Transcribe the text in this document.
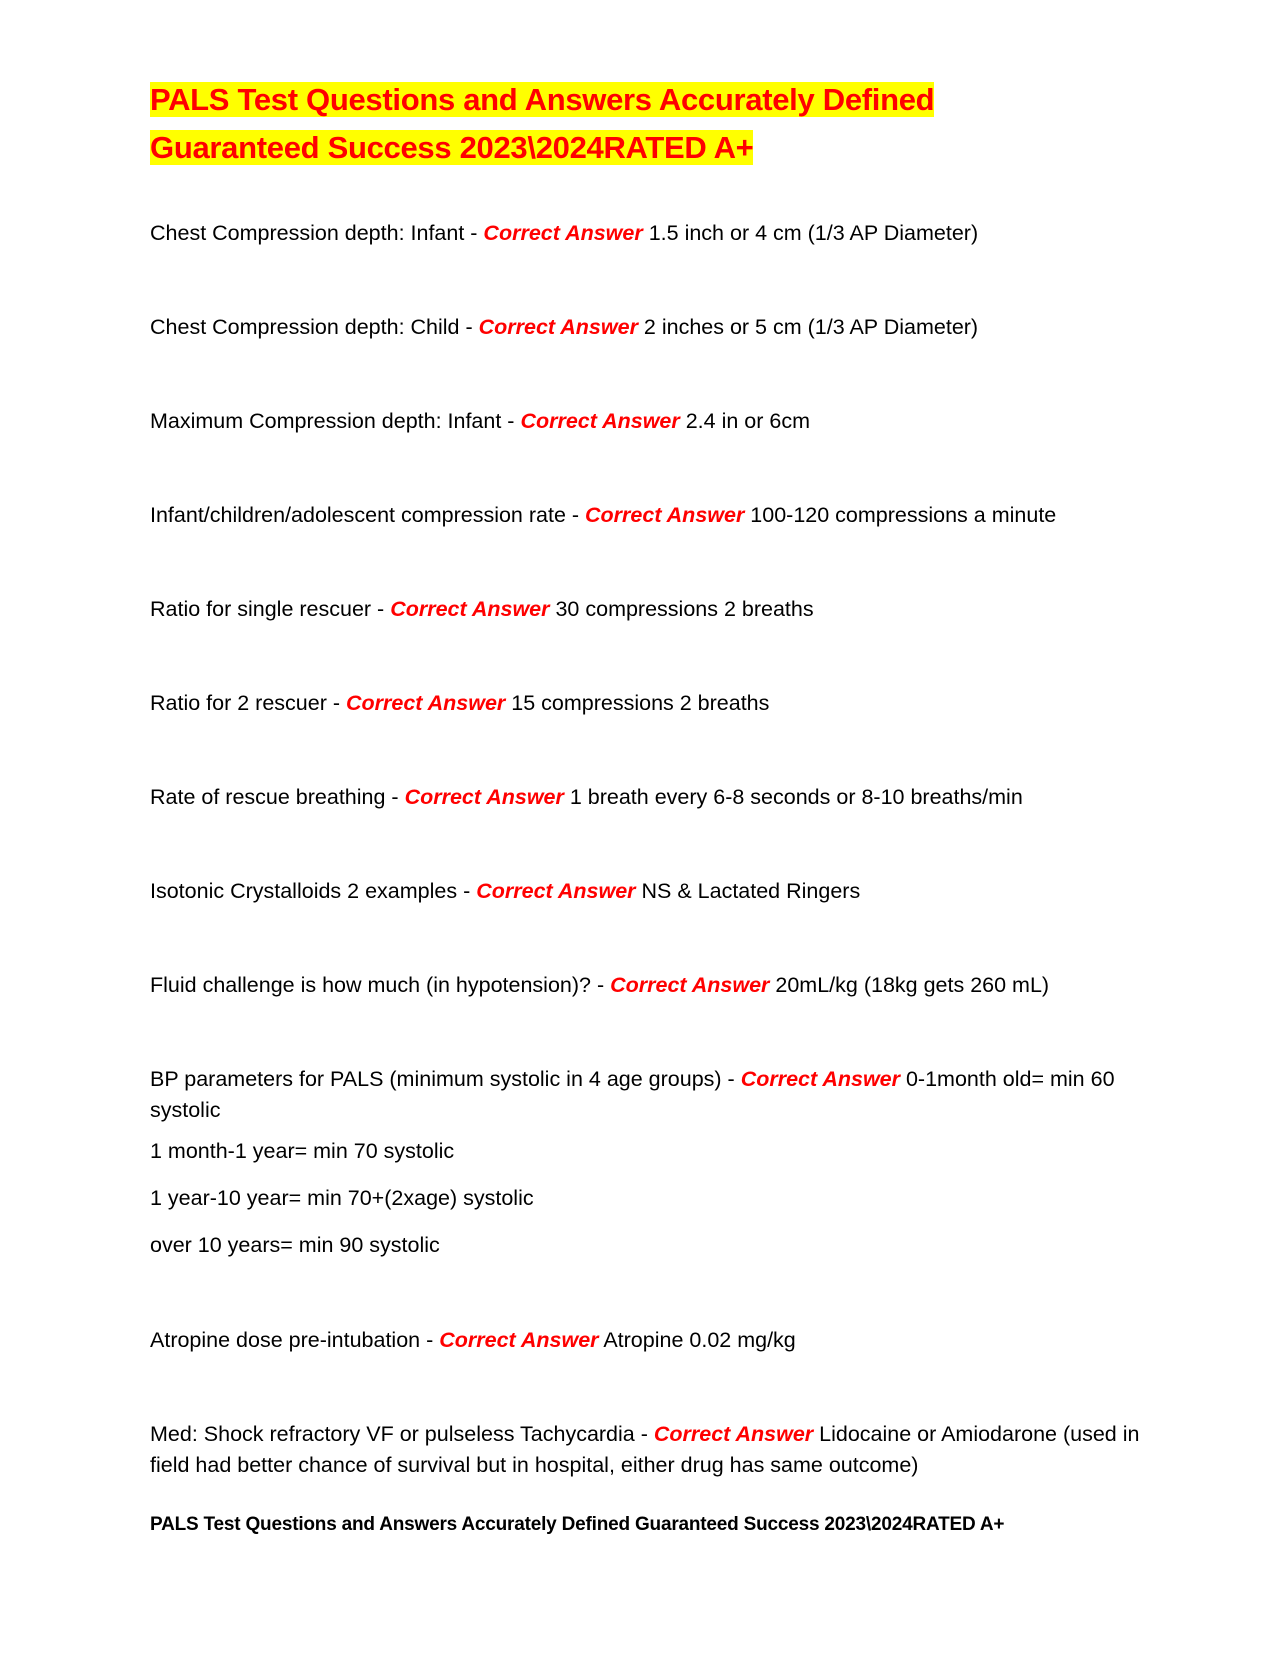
PALS Test Questions and Answers Accurately Defined
Guaranteed Success 2023\2024RATED A+

Chest Compression depth: Infant - Correct Answer 1.5 inch or 4 cm (1/3 AP Diameter)

Chest Compression depth: Child - Correct Answer 2 inches or 5 cm (1/3 AP Diameter)

Maximum Compression depth: Infant - Correct Answer 2.4 in or 6cm

Infant/children/adolescent compression rate - Correct Answer 100-120 compressions a minute

Ratio for single rescuer - Correct Answer 30 compressions 2 breaths

Ratio for 2 rescuer - Correct Answer 15 compressions 2 breaths

Rate of rescue breathing - Correct Answer 1 breath every 6-8 seconds or 8-10 breaths/min

Isotonic Crystalloids 2 examples - Correct Answer NS & Lactated Ringers

Fluid challenge is how much (in hypotension)? - Correct Answer 20mL/kg (18kg gets 260 mL)

BP parameters for PALS (minimum systolic in 4 age groups) - Correct Answer 0-1month old= min 60 systolic

1 month-1 year= min 70 systolic

1 year-10 year= min 70+(2xage) systolic

over 10 years= min 90 systolic

Atropine dose pre-intubation - Correct Answer Atropine 0.02 mg/kg

Med: Shock refractory VF or pulseless Tachycardia - Correct Answer Lidocaine or Amiodarone (used in field had better chance of survival but in hospital, either drug has same outcome)

PALS Test Questions and Answers Accurately Defined Guaranteed Success 2023\2024RATED A+
